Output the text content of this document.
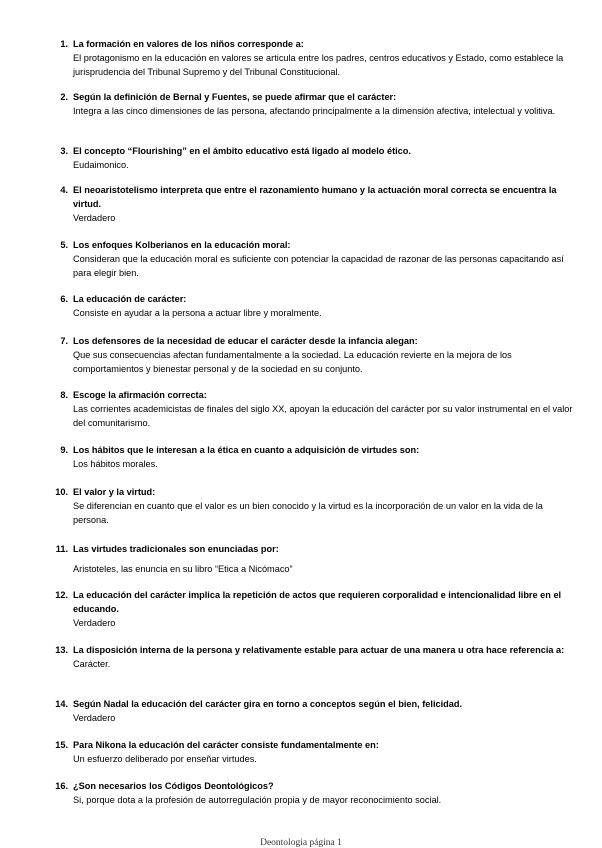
1. La formación en valores de los niños corresponde a:
El protagonismo en la educación en valores se articula entre los padres, centros educativos y Estado, como establece la jurisprudencia del Tribunal Supremo y del Tribunal Constitucional.
2. Según la definición de Bernal y Fuentes, se puede afirmar que el carácter:
Integra a las cinco dimensiones de las persona, afectando principalmente a la dimensión afectiva, intelectual y volitiva.
3. El concepto “Flourishing” en el ámbito educativo está ligado al modelo ético.
Eudaimonico.
4. El neoaristotelismo interpreta que entre el razonamiento humano y la actuación moral correcta se encuentra la virtud.
Verdadero
5. Los enfoques Kolberianos en la educación moral:
Consideran que la educación moral es suficiente con potenciar la capacidad de razonar de las personas capacitando así para elegir bien.
6. La educación de carácter:
Consiste en ayudar a la persona a actuar libre y moralmente.
7. Los defensores de la necesidad de educar el carácter desde la infancia alegan:
Que sus consecuencias afectan fundamentalmente a la sociedad. La educación revierte en la mejora de los comportamientos y bienestar personal y de la sociedad en su conjunto.
8. Escoge la afirmación correcta:
Las corrientes academicistas de finales del siglo XX, apoyan la educación del carácter por su valor instrumental en el valor del comunitarismo.
9. Los hábitos que le interesan a la ética en cuanto a adquisición de virtudes son:
Los hábitos morales.
10. El valor y la virtud:
Se diferencian en cuanto que el valor es un bien conocido y la virtud es la incorporación de un valor en la vida de la persona.
11. Las virtudes tradicionales son enunciadas por:
Aristoteles, las enuncia en su libro “Etica a Nicómaco”
12. La educación del carácter implica la repetición de actos que requieren corporalidad e intencionalidad libre en el educando.
Verdadero
13. La disposición interna de la persona y relativamente estable para actuar de una manera u otra hace referencia a:
Carácter.
14. Según Nadal la educación del carácter gira en torno a conceptos según el bien, felicidad.
Verdadero
15. Para Nikona la educación del carácter consiste fundamentalmente en:
Un esfuerzo deliberado por enseñar virtudes.
16. ¿Son necesarios los Códigos Deontológicos?
Si, porque dota a la profesión de autorregulación propia y de mayor reconocimiento social.
Deontologia página 1
